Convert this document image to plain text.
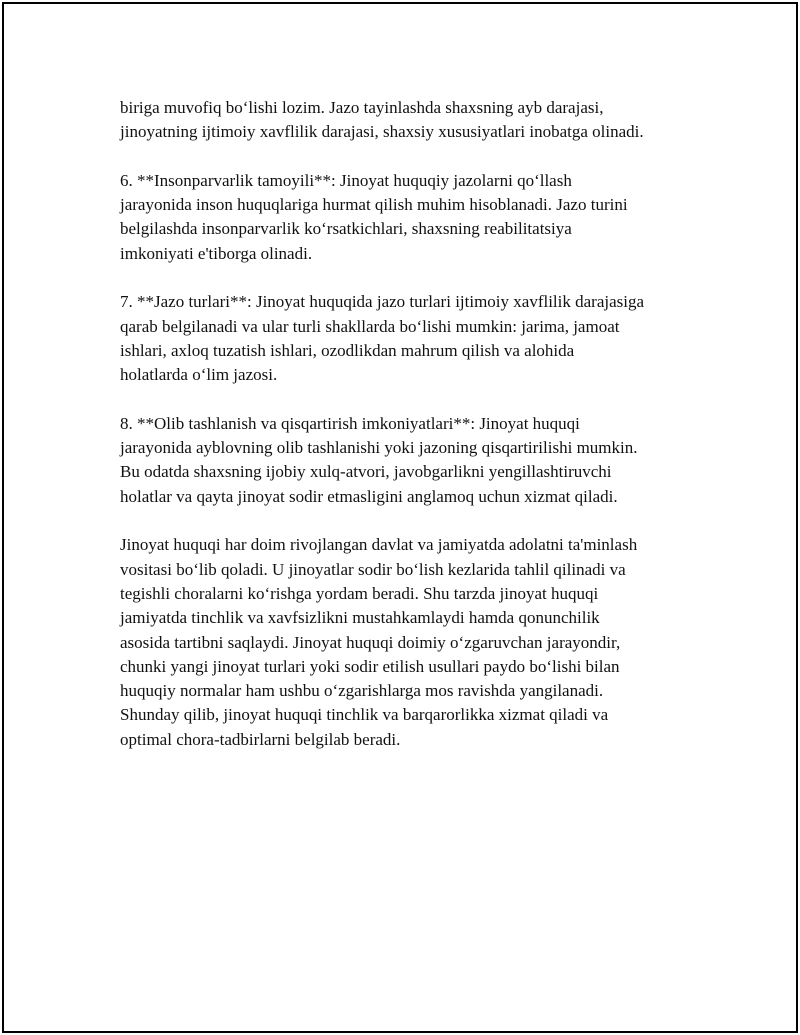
biriga muvofiq bo‘lishi lozim. Jazo tayinlashda shaxsning ayb darajasi,
jinoyatning ijtimoiy xavflilik darajasi, shaxsiy xususiyatlari inobatga olinadi.

6. **Insonparvarlik tamoyili**: Jinoyat huquqiy jazolarni qo‘llash
jarayonida inson huquqlariga hurmat qilish muhim hisoblanadi. Jazo turini
belgilashda insonparvarlik ko‘rsatkichlari, shaxsning reabilitatsiya
imkoniyati e'tiborga olinadi.

7. **Jazo turlari**: Jinoyat huquqida jazo turlari ijtimoiy xavflilik darajasiga
qarab belgilanadi va ular turli shakllarda bo‘lishi mumkin: jarima, jamoat
ishlari, axloq tuzatish ishlari, ozodlikdan mahrum qilish va alohida
holatlarda o‘lim jazosi.

8. **Olib tashlanish va qisqartirish imkoniyatlari**: Jinoyat huquqi
jarayonida ayblovning olib tashlanishi yoki jazoning qisqartirilishi mumkin.
Bu odatda shaxsning ijobiy xulq-atvori, javobgarlikni yengillashtiruvchi
holatlar va qayta jinoyat sodir etmasligini anglamoq uchun xizmat qiladi.

Jinoyat huquqi har doim rivojlangan davlat va jamiyatda adolatni ta'minlash
vositasi bo‘lib qoladi. U jinoyatlar sodir bo‘lish kezlarida tahlil qilinadi va
tegishli choralarni ko‘rishga yordam beradi. Shu tarzda jinoyat huquqi
jamiyatda tinchlik va xavfsizlikni mustahkamlaydi hamda qonunchilik
asosida tartibni saqlaydi. Jinoyat huquqi doimiy o‘zgaruvchan jarayondir,
chunki yangi jinoyat turlari yoki sodir etilish usullari paydo bo‘lishi bilan
huquqiy normalar ham ushbu o‘zgarishlarga mos ravishda yangilanadi.
Shunday qilib, jinoyat huquqi tinchlik va barqarorlikka xizmat qiladi va
optimal chora-tadbirlarni belgilab beradi.
